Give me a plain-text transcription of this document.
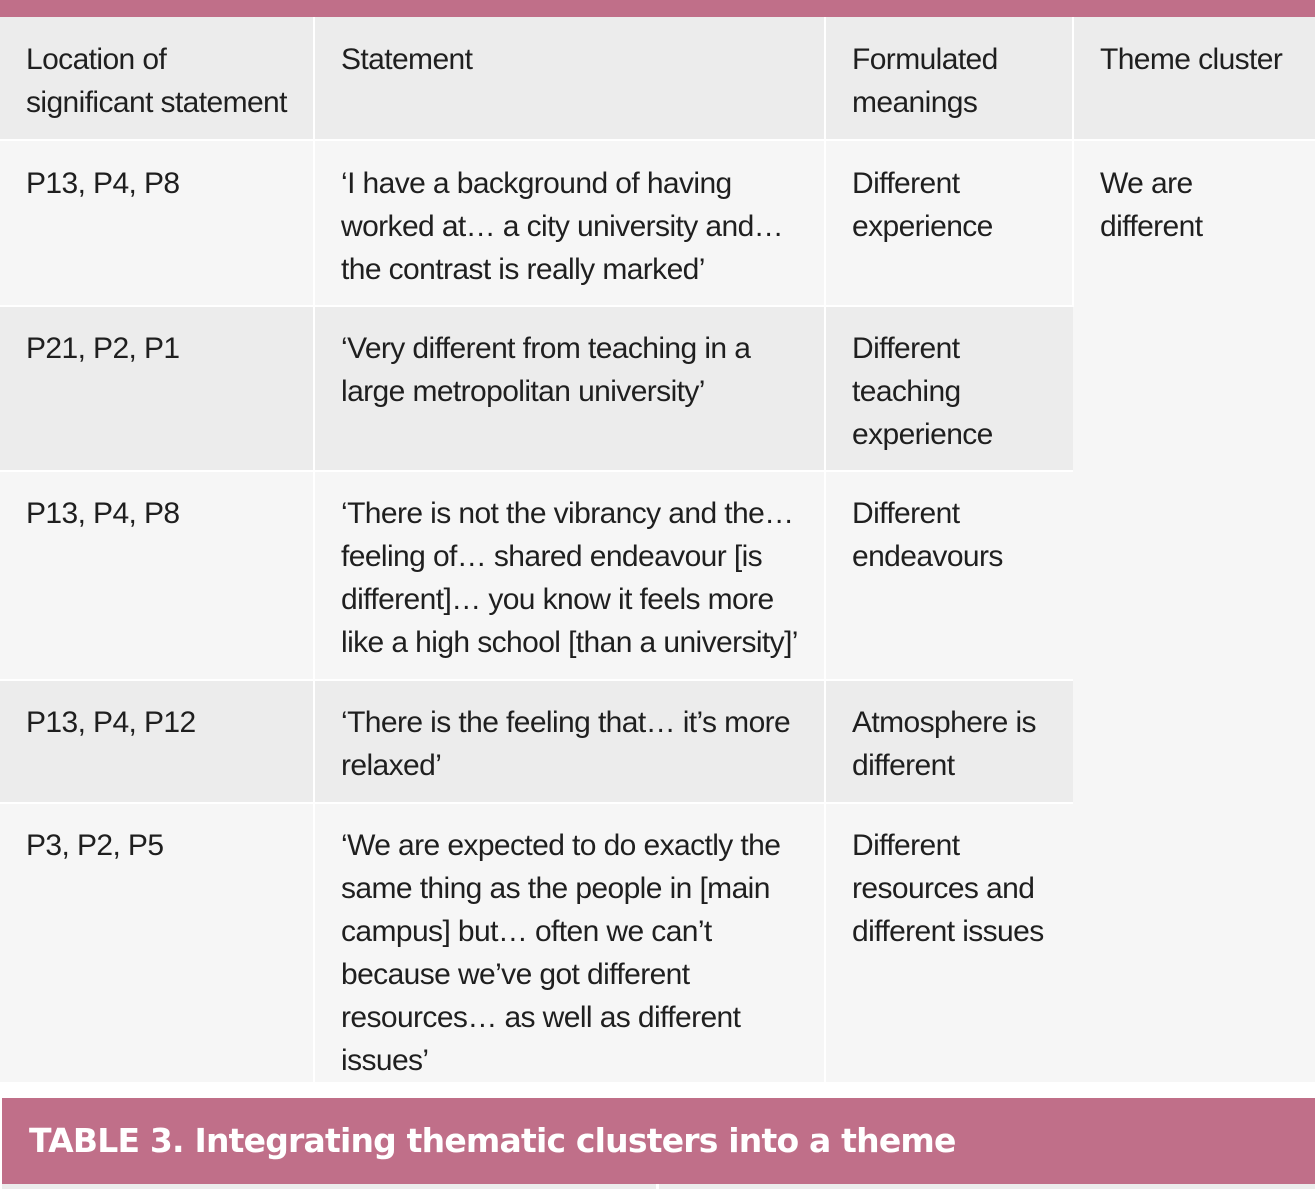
Location of significant statement	Statement	Formulated meanings	Theme cluster
P13, P4, P8	‘I have a background of having worked at… a city university and… the contrast is really marked’	Different experience	We are different
P21, P2, P1	‘Very different from teaching in a large metropolitan university’	Different teaching experience	
P13, P4, P8	‘There is not the vibrancy and the… feeling of… shared endeavour [is different]… you know it feels more like a high school [than a university]’	Different endeavours	
P13, P4, P12	‘There is the feeling that… it’s more relaxed’	Atmosphere is different	
P3, P2, P5	‘We are expected to do exactly the same thing as the people in [main campus] but… often we can’t because we’ve got different resources… as well as different issues’	Different resources and different issues	
TABLE 3. Integrating thematic clusters into a theme
